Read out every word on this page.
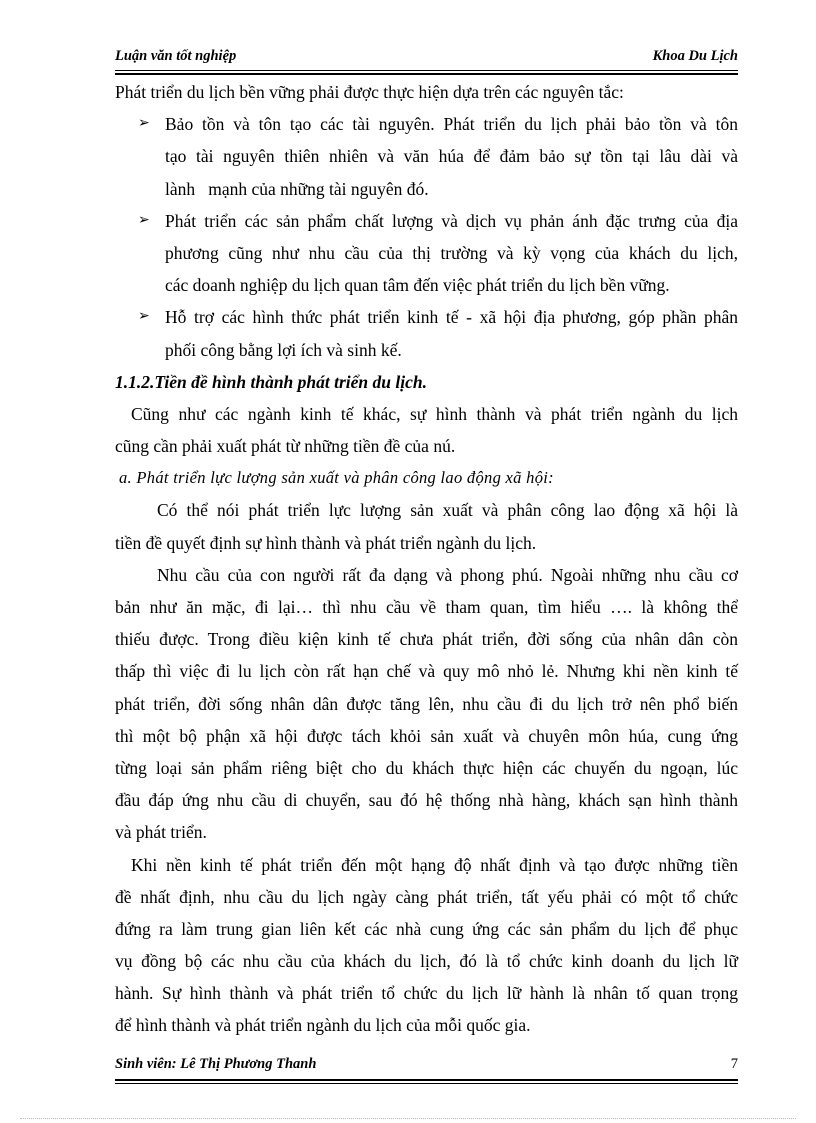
Luận văn tốt nghiệp	Khoa Du Lịch
Phát triển du lịch bền vững phải được thực hiện dựa trên các nguyên tắc:
➢ Bảo tồn và tôn tạo các tài nguyên. Phát triển du lịch phải bảo tồn và tôn
tạo tài nguyên thiên nhiên và văn húa để đảm bảo sự tồn tại lâu dài và
lành   mạnh của những tài nguyên đó.
➢ Phát triển các sản phẩm chất lượng và dịch vụ phản ánh đặc trưng của địa
phương cũng như nhu cầu của thị trường và kỳ vọng của khách du lịch,
các doanh nghiệp du lịch quan tâm đến việc phát triển du lịch bền vững.
➢ Hỗ trợ các hình thức phát triển kinh tế - xã hội địa phương, góp phần phân
phối công bằng lợi ích và sinh kế.
1.1.2.Tiền đề hình thành phát triển du lịch.
Cũng như các ngành kinh tế khác, sự hình thành và phát triển ngành du lịch
cũng cần phải xuất phát từ những tiền đề của nú.
a. Phát triển lực lượng sản xuất và phân công lao động xã hội:
Có thể nói phát triển lực lượng sản xuất và phân công lao động xã hội là
tiền đề quyết định sự hình thành và phát triển ngành du lịch.
Nhu cầu của con người rất đa dạng và phong phú. Ngoài những nhu cầu cơ
bản như ăn mặc, đi lại… thì nhu cầu về tham quan, tìm hiểu …. là không thể
thiếu được. Trong điều kiện kinh tế chưa phát triển, đời sống của nhân dân còn
thấp thì việc đi lu lịch còn rất hạn chế và quy mô nhỏ lẻ. Nhưng khi nền kinh tế
phát triển, đời sống nhân dân được tăng lên, nhu cầu đi du lịch trở nên phổ biến
thì một bộ phận xã hội được tách khỏi sản xuất và chuyên môn húa, cung ứng
từng loại sản phẩm riêng biệt cho du khách thực hiện các chuyến du ngoạn, lúc
đầu đáp ứng nhu cầu di chuyển, sau đó hệ thống nhà hàng, khách sạn hình thành
và phát triển.
Khi nền kinh tế phát triển đến một hạng độ nhất định và tạo được những tiền
đề nhất định, nhu cầu du lịch ngày càng phát triển, tất yếu phải có một tổ chức
đứng ra làm trung gian liên kết các nhà cung ứng các sản phẩm du lịch để phục
vụ đồng bộ các nhu cầu của khách du lịch, đó là tổ chức kinh doanh du lịch lữ
hành. Sự hình thành và phát triển tổ chức du lịch lữ hành là nhân tố quan trọng
để hình thành và phát triển ngành du lịch của mỗi quốc gia.
Sinh viên: Lê Thị Phương Thanh	7
